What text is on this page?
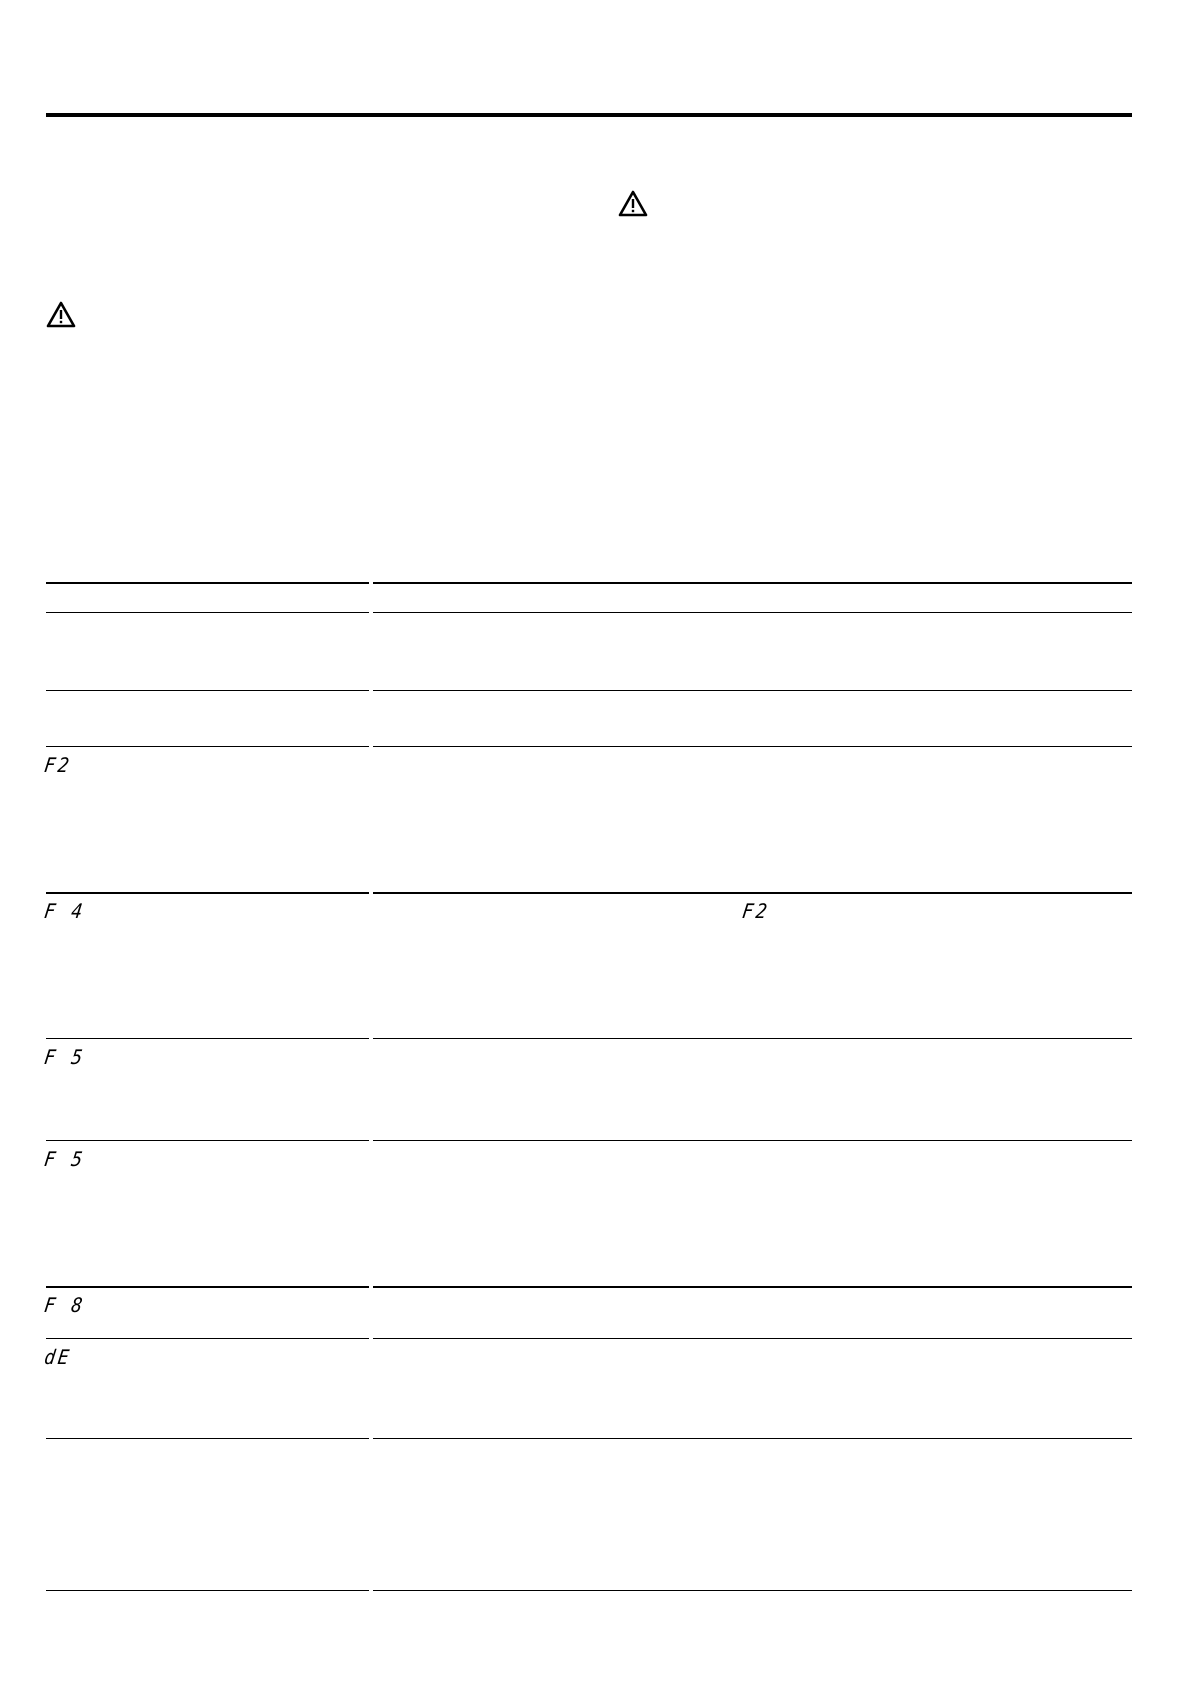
F2
F 4	F2
F 5
F 5
F 8
dE
